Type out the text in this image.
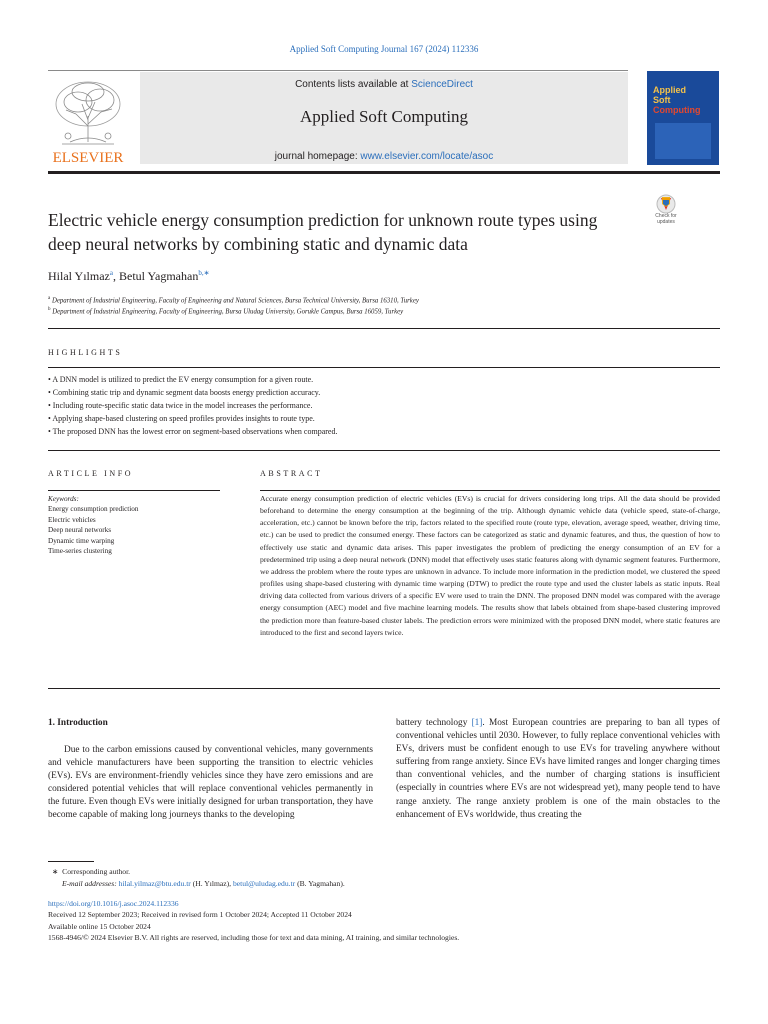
Applied Soft Computing Journal 167 (2024) 112336
ELSEVIER
Contents lists available at ScienceDirect
Applied Soft Computing
journal homepage: www.elsevier.com/locate/asoc
Applied
Soft
Computing
Electric vehicle energy consumption prediction for unknown route types using deep neural networks by combining static and dynamic data
Check for updates
Hilal Yılmaz$^a$, Betul Yagmahan$^{b,∗}$
$^a$ Department of Industrial Engineering, Faculty of Engineering and Natural Sciences, Bursa Technical University, Bursa 16310, Turkey
$^b$ Department of Industrial Engineering, Faculty of Engineering, Bursa Uludag University, Gorukle Campus, Bursa 16059, Turkey
HIGHLIGHTS
• A DNN model is utilized to predict the EV energy consumption for a given route.
• Combining static trip and dynamic segment data boosts energy prediction accuracy.
• Including route-specific static data twice in the model increases the performance.
• Applying shape-based clustering on speed profiles provides insights to route type.
• The proposed DNN has the lowest error on segment-based observations when compared.
ARTICLE INFO
Keywords:
Energy consumption prediction
Electric vehicles
Deep neural networks
Dynamic time warping
Time-series clustering
ABSTRACT
Accurate energy consumption prediction of electric vehicles (EVs) is crucial for drivers considering long trips. All the data should be provided beforehand to determine the energy consumption at the beginning of the trip. Although dynamic vehicle data (vehicle speed, state-of-charge, acceleration, etc.) cannot be known before the trip, factors related to the specified route (route type, elevation, average speed, weather, driving time, etc.) can be used to predict the consumed energy. These factors can be categorized as static and dynamic features, and thus, the question of how to effectively use static and dynamic data arises. This paper investigates the problem of predicting the energy consumption of an EV for a predetermined trip using a deep neural network (DNN) model that effectively uses static features along with dynamic segment features. Furthermore, we address the problem where the route types are unknown in advance. To include more information in the prediction model, we clustered the speed profiles using shape-based clustering with dynamic time warping (DTW) to predict the route type and used the cluster labels as static inputs. Real driving data collected from various drivers of a specific EV were used to train the DNN. The proposed DNN model was compared with the average energy consumption (AEC) model and five machine learning models. The results show that labels obtained from shape-based clustering improved the prediction more than feature-based cluster labels. The prediction errors were minimized with the proposed DNN model, where static features are introduced to the first and second layers twice.
1. Introduction
Due to the carbon emissions caused by conventional vehicles, many governments and vehicle manufacturers have been supporting the transition to electric vehicles (EVs). EVs are environment-friendly vehicles since they have zero emissions and are considered potential vehicles that will replace conventional vehicles permanently in the future. Even though EVs were initially designed for urban transportation, they have become capable of making long journeys thanks to the developing
battery technology [1]. Most European countries are preparing to ban all types of conventional vehicles until 2030. However, to fully replace conventional vehicles with EVs, drivers must be confident enough to use EVs for traveling anywhere without suffering from range anxiety. Since EVs have limited ranges and longer charging times than conventional vehicles, and the number of charging stations is insufficient (especially in countries where EVs are not widespread yet), many people tend to have range anxiety. The range anxiety problem is one of the main obstacles to the enhancement of EVs worldwide, thus creating the
∗ Corresponding author.
E-mail addresses: hilal.yilmaz@btu.edu.tr (H. Yılmaz), betul@uludag.edu.tr (B. Yagmahan).
https://doi.org/10.1016/j.asoc.2024.112336
Received 12 September 2023; Received in revised form 1 October 2024; Accepted 11 October 2024
Available online 15 October 2024
1568-4946/© 2024 Elsevier B.V. All rights are reserved, including those for text and data mining, AI training, and similar technologies.
